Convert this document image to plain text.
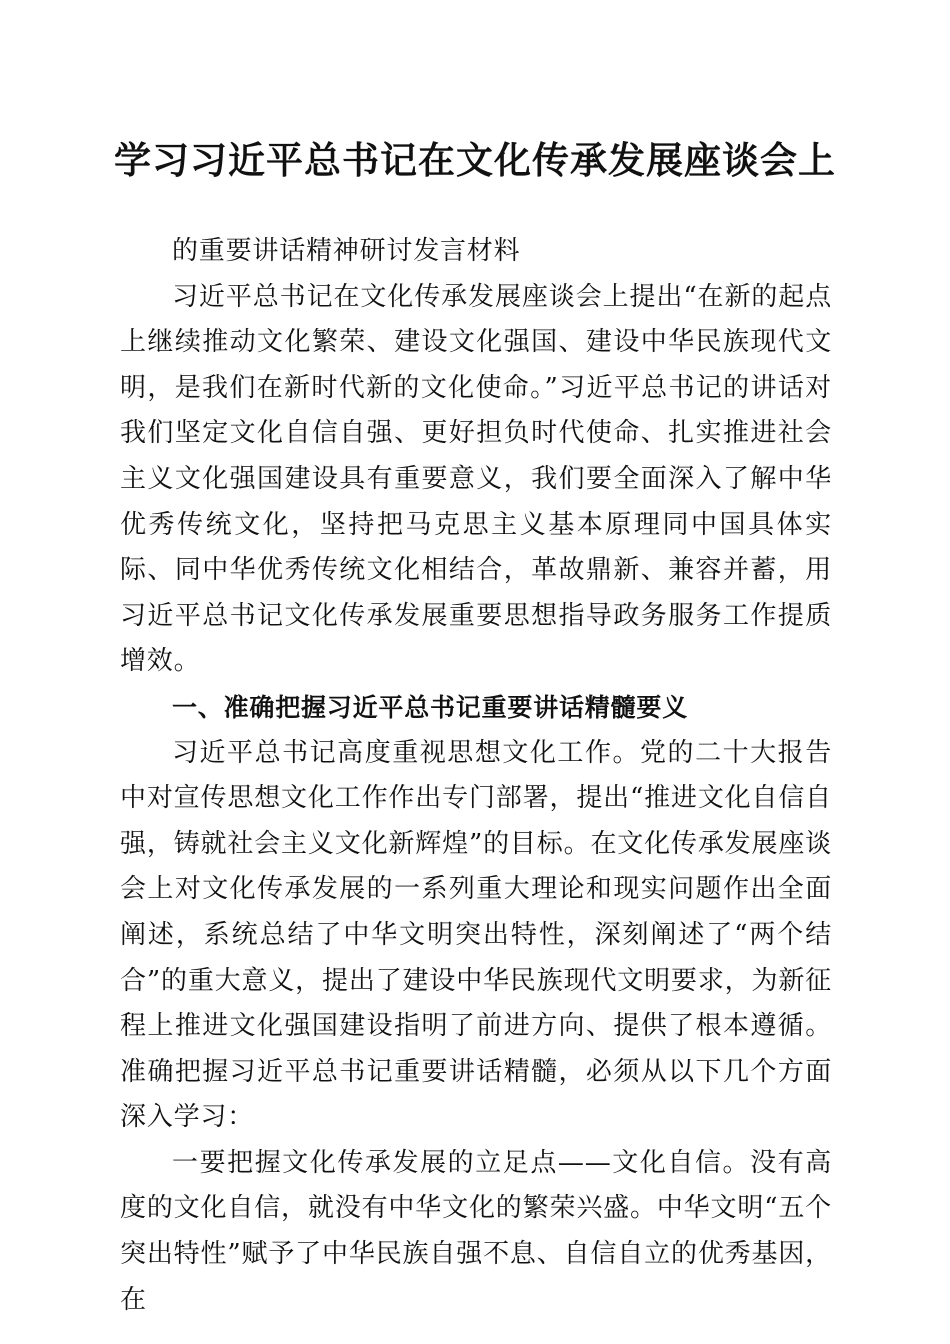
学习习近平总书记在文化传承发展座谈会上

的重要讲话精神研讨发言材料

习近平总书记在文化传承发展座谈会上提出“在新的起点上继续推动文化繁荣、建设文化强国、建设中华民族现代文明，是我们在新时代新的文化使命。”习近平总书记的讲话对我们坚定文化自信自强、更好担负时代使命、扎实推进社会主义文化强国建设具有重要意义，我们要全面深入了解中华优秀传统文化，坚持把马克思主义基本原理同中国具体实际、同中华优秀传统文化相结合，革故鼎新、兼容并蓄，用习近平总书记文化传承发展重要思想指导政务服务工作提质增效。

一、准确把握习近平总书记重要讲话精髓要义

习近平总书记高度重视思想文化工作。党的二十大报告中对宣传思想文化工作作出专门部署，提出“推进文化自信自强，铸就社会主义文化新辉煌”的目标。在文化传承发展座谈会上对文化传承发展的一系列重大理论和现实问题作出全面阐述，系统总结了中华文明突出特性，深刻阐述了“两个结合”的重大意义，提出了建设中华民族现代文明要求，为新征程上推进文化强国建设指明了前进方向、提供了根本遵循。准确把握习近平总书记重要讲话精髓，必须从以下几个方面深入学习：

一要把握文化传承发展的立足点——文化自信。没有高度的文化自信，就没有中华文化的繁荣兴盛。中华文明“五个突出特性”赋予了中华民族自强不息、自信自立的优秀基因，在
